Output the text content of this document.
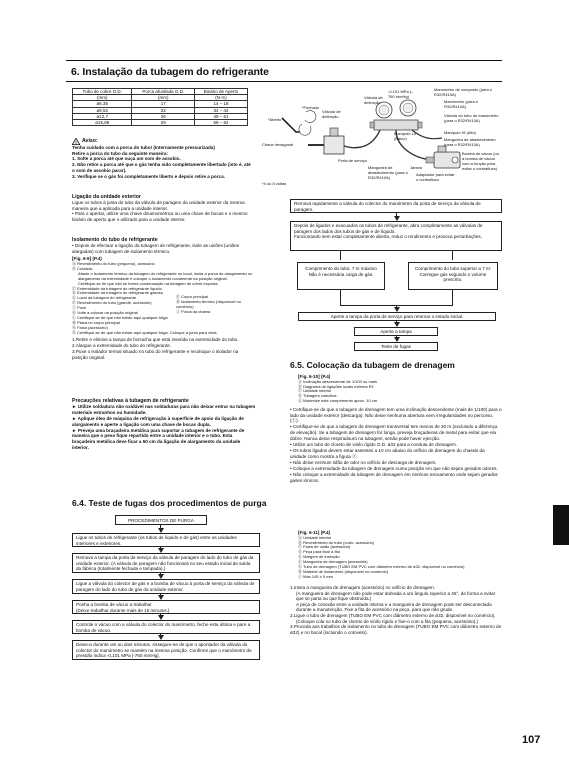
6. Instalação da tubagem do refrigerante
Tubo de cobre O.D.	Porca afunilada O.D.	Binário de Aperto
(mm)	(mm)	(N·m)
ø6,35	17	14 – 18
ø9,52	22	34 – 42
ø12,7	26	49 – 61
ø15,88	29	68 – 82
! Aviso:
Tenha cuidado com a porca do tubo! (Internamente pressurizada)
Retire a porca do tubo da seguinte maneira:
1. Solte a porca até que ouça um som de assobio.
2. Não retire a porca até que o gás tenha sido completamente libertado (isto é, até o som de assobio parar).
3. Verifique se o gás foi completamente liberto e depois retire a porca.
Ligação da unidade exterior
Ligue os tubos à junta do tubo da válvula de paragem da unidade exterior da mesma maneira que a aplicada para a unidade interior.
• Para o apertar, utilize uma chave dinamométrica ou uma chave de bocas e o mesmo binário de aperto que o utilizado para a unidade interior.
Isolamento do tubo de refrigerante
• Depois de efectuar a ligação da tubagem de refrigerante, isole as uniões (uniões alargadas) com tubagem de isolamento térmico.
[Fig. 6-9] (P.4)
Ⓐ Revestimento do tubo (pequeno), acessório
Ⓑ Cuidado:
Afaste o isolamento térmico da tubagem do refrigerante no local, insira a porca de alargamento no alargamento da extremidade e coloque o isolamento novamente na posição original.
Certifique-se de que não se forma condensação na tubagem de cobre exposta.
Ⓒ Extremidade da tubagem do refrigerante líquido
Ⓓ Extremidade da tubagem do refrigerante gasoso
Ⓔ Local da tubagem do refrigerante
Ⓖ Revestimento do tubo (grande, acessório)
Ⓘ Puxe
Ⓚ Volte a colocar na posição original
Ⓛ Certifique-se de que não existe aqui qualquer folga
Ⓜ Placa no corpo principal
Ⓝ Faixa (acessório)
Ⓞ Certifique-se de que não existe aqui qualquer folga. Coloque a junta para cima.
Ⓕ Corpo principal
Ⓗ Isolamento térmico (disponível no comércio)
Ⓙ Porca da chama
1.Retire e elimine a tampa de borracha que está inserida na extremidade do tubo.
2.Alargue a extremidade do tubo do refrigerante.
3.Puxe o isolador termal situado no tubo do refrigerante e recoloque o isolador na posição original.
Precauções relativas à tubagem de refrigerante
► Utilize soldadura não oxidável nas soldaduras para não deixar entrar na tubagem materiais estranhos ou humidade.
► Aplique óleo de máquina de refrigeração à superfície de apoio da ligação de alargamento e aperte a ligação com uma chave de bocas dupla.
► Preveja uma braçadeira metálica para suportar a tubagem de refrigerante de maneira que o peso fique repartido entre a unidade interior e o tubo. Esta braçadeira metálica deve ficar a 50 cm da ligação de alargamento da unidade interior.
6.4. Teste de fugas dos procedimentos de purga
PROCEDIMENTOS DE PURGA
Ligue os tubos de refrigerante (os tubos de líquido e de gás) entre as unidades interiores e exteriores.
Remova a tampa da porta de serviço da válvula de paragem do lado do tubo de gás da unidade exterior. (A válvula de paragem não funcionará no seu estado inicial de saída da fábrica (totalmente fechada e tampada).)
Ligue a válvula do colector de gás e a bomba de vácuo à porta de serviço da válvula de paragem do lado do tubo de gás da unidade exterior.
Ponha a bomba de vácuo a trabalhar.
(Deixe trabalhar durante mais de 15 minutos.)
Controle o vácuo com a válvula do colector do manómetro, feche esta última e pare a bomba de vácuo.
Deixe-a durante um ou dois minutos. Assegure-se de que o apontador da válvula do colector do manómetro se mantém na mesma posição. Confirme que o manómetro de pressão indica -0,101 MPa [-760 mmHg].
*Fechado
*Aberto
Chave hexagonal
Válvula de detenção
Válvula de detenção
-0,101 MPa (–760 mmHg)
Manómetro de composto (para o R32/R410A)
Manómetro (para o R32/R410A)
Válvula do tubo do manómetro (para o R32/R410A)
Manípulo Hi (Alto)
Manípulo Lo (Baixo)	Mangueira de abastecimento (para o R32/R410A)
Janela
Porta de serviço
Mangueira de abastecimento (para o R32/R410A)
Adaptador para evitar o contrafluxo
Bomba de vácuo (ou a bomba de vácuo com a função para evitar o contrafluxo)
*4 ou 5 voltas
Remova rapidamente a válvula do colector do manómetro da porta de serviço da válvula de paragem.
Depois de ligados e evacuados os tubos de refrigerante, abra completamente as válvulas de paragem dos lados dos tubos de gás e de líquido.
Funcionando sem estar completamente aberta, reduz o rendimento e provoca perturbações.
Comprimento do tubo: 7 m máximo
Não é necessária carga de gás.
Comprimento do tubo superior a 7 m:
Carregue gás segundo o volume prescrito.
Aperte a tampa da porta de serviço para retornar o estado inicial.
Aperte a tampa
Teste de fugas
6.5. Colocação da tubagem de drenagem
[Fig. 6-10] (P.4)
Ⓐ Inclinação descendente de 1/100 ou mais
Ⓑ Diagrama de ligações locais externa R1
Ⓒ Unidade interior
Ⓓ Tubagem colectiva
Ⓔ Maximize este comprimento aprox. 10 cm
• Certifique-se de que a tubagem de drenagem tem uma inclinação descendente (mais de 1/100) para o lado da unidade exterior (descarga). Não deixe nenhuma abertura nem irregularidades no percurso. (Ⓘ)
• Certifique-se de que a tubagem de drenagem transversal tem menos de 20 m (excluindo a diferença de elevação). Se a tubagem de drenagem for longa, preveja braçadeiras de metal para evitar que ela dobre. Nunca deixe respiradouro na tubagem, senão pode haver ejecção.
• Utilize um tubo de cloreto de vinilo rígido O.D. ø32 para a conduta de drenagem.
• Os tubos ligados devem estar assentes a 10 cm abaixo do orifício de drenagem do chassis da unidade como mostra a figura Ⓙ.
• Não deixe nenhum sifão de odor no orifício de descarga de drenagem.
• Coloque a extremidade da tubagem de drenagem numa posição em que não sejam gerados odores.
• Não coloque a extremidade da tubagem de drenagem em nenhum escoamento onde sejam gerados gases iónicos.
[Fig. 6-11] (P.4)
Ⓐ Unidade interior
Ⓑ Revestimento do tubo (curto, acessório)
Ⓒ Faixa de união (acessório)
Ⓓ Peça para fixar a fita
Ⓔ Margem de inserção
Ⓕ Mangueira de drenagem (acessório)
Ⓖ Tubo de drenagem (TUBO EM PVC com diâmetro externo de ø32, disponível no comércio)
Ⓗ Material de isolamento (disponível no comércio)
Ⓘ Máx.145 ± 5 mm
1.Insira a mangueira de drenagem (acessório) no orifício de drenagem.
(A mangueira de drenagem não pode estar dobrada a um ângulo superior a 45°, de forma a evitar que se parta ou que fique obstruída.)
A peça de conexão entre a unidade interna e a mangueira de drenagem pode ser desconectada durante a manutenção. Fixe a fita de acessório na peça, para que não grude.
2.Ligue o tubo de drenagem (TUBO EM PVC com diâmetro externo de ø32, disponível no comércio).
(Coloque cola no tubo de cloreto de vinilo rígido e fixe-o com a fita (pequena, acessório).)
3.Proceda aos trabalhos de isolamento no tubo de drenagem (TUBO EM PVC com diâmetro externo de ø32) e no bocal (incluindo o cotovelo).
107
